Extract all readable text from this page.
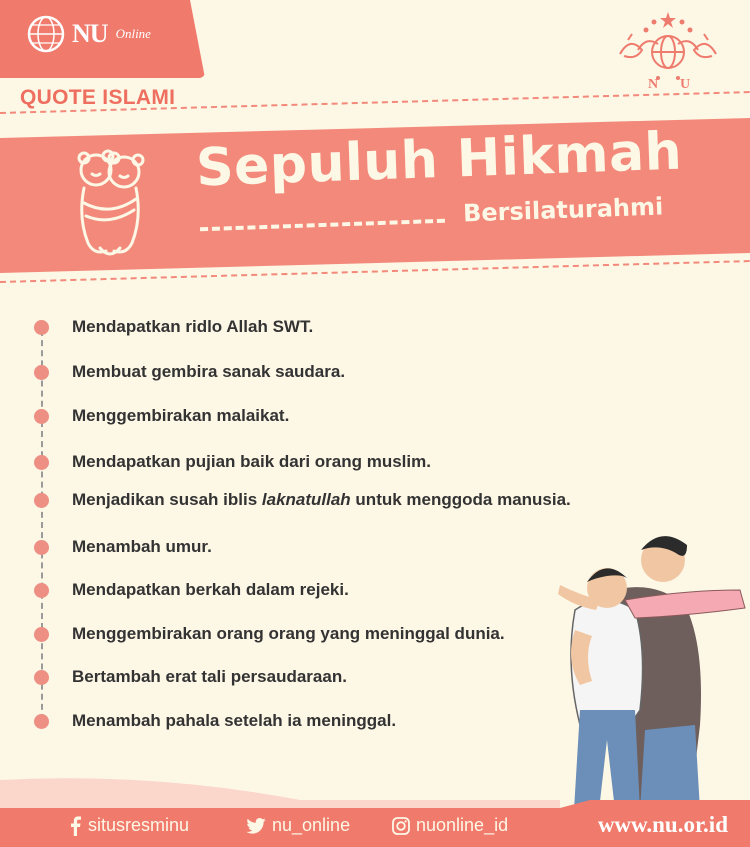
NU Online
QUOTE ISLAMI
N U
Sepuluh Hikmah
Bersilaturahmi
Mendapatkan ridlo Allah SWT.
Membuat gembira sanak saudara.
Menggembirakan malaikat.
Mendapatkan pujian baik dari orang muslim.
Menjadikan susah iblis laknatullah untuk menggoda manusia.
Menambah umur.
Mendapatkan berkah dalam rejeki.
Menggembirakan orang orang yang meninggal dunia.
Bertambah erat tali persaudaraan.
Menambah pahala setelah ia meninggal.
situsresminu	nu_online	nuonline_id	www.nu.or.id
